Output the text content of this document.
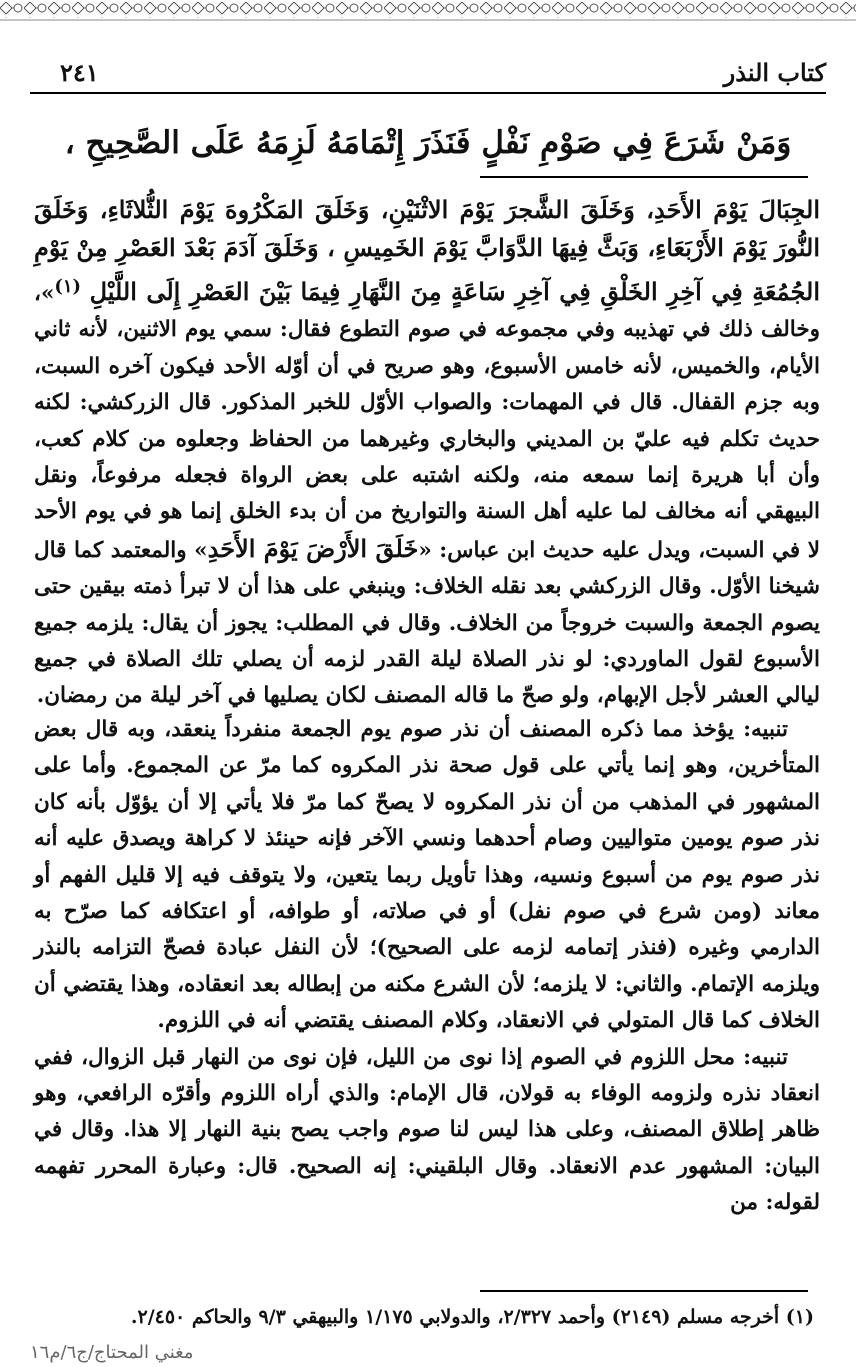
كتاب النذر
٢٤١
وَمَنْ شَرَعَ فِي صَوْمِ نَفْلٍ فَنَذَرَ إِتْمَامَهُ لَزِمَهُ عَلَى الصَّحِيحِ ،

الجِبَالَ يَوْمَ الأَحَدِ، وَخَلَقَ الشَّجرَ يَوْمَ الاثْنَيْنِ، وَخَلَقَ المَكْرُوهَ يَوْمَ الثُّلاثَاءِ، وَخَلَقَ النُّورَ يَوْمَ الأَرْبَعَاءِ، وَبَثَّ فِيهَا الدَّوَابَّ يَوْمَ الخَمِيسِ ، وَخَلَقَ آدَمَ بَعْدَ العَصْرِ مِنْ يَوْمِ الجُمُعَةِ فِي آخِرِ الخَلْقِ فِي آخِرِ سَاعَةٍ مِنَ النَّهَارِ فِيمَا بَيْنَ العَصْرِ إِلَى اللَّيْلِ $^{(١)}$»، وخالف ذلك في تهذيبه وفي مجموعه في صوم التطوع فقال: سمي يوم الاثنين، لأنه ثاني الأيام، والخميس، لأنه خامس الأسبوع، وهو صريح في أن أوّله الأحد فيكون آخره السبت، وبه جزم القفال. قال في المهمات: والصواب الأوّل للخبر المذكور. قال الزركشي: لكنه حديث تكلم فيه عليّ بن المديني والبخاري وغيرهما من الحفاظ وجعلوه من كلام كعب، وأن أبا هريرة إنما سمعه منه، ولكنه اشتبه على بعض الرواة فجعله مرفوعاً، ونقل البيهقي أنه مخالف لما عليه أهل السنة والتواريخ من أن بدء الخلق إنما هو في يوم الأحد لا في السبت، ويدل عليه حديث ابن عباس: «خَلَقَ الأَرْضَ يَوْمَ الأَحَدِ» والمعتمد كما قال شيخنا الأوّل. وقال الزركشي بعد نقله الخلاف: وينبغي على هذا أن لا تبرأ ذمته بيقين حتى يصوم الجمعة والسبت خروجاً من الخلاف. وقال في المطلب: يجوز أن يقال: يلزمه جميع الأسبوع لقول الماوردي: لو نذر الصلاة ليلة القدر لزمه أن يصلي تلك الصلاة في جميع ليالي العشر لأجل الإبهام، ولو صحّ ما قاله المصنف لكان يصليها في آخر ليلة من رمضان.

تنبيه: يؤخذ مما ذكره المصنف أن نذر صوم يوم الجمعة منفرداً ينعقد، وبه قال بعض المتأخرين، وهو إنما يأتي على قول صحة نذر المكروه كما مرّ عن المجموع. وأما على المشهور في المذهب من أن نذر المكروه لا يصحّ كما مرّ فلا يأتي إلا أن يؤوّل بأنه كان نذر صوم يومين متواليين وصام أحدهما ونسي الآخر فإنه حينئذ لا كراهة ويصدق عليه أنه نذر صوم يوم من أسبوع ونسيه، وهذا تأويل ربما يتعين، ولا يتوقف فيه إلا قليل الفهم أو معاند (ومن شرع في صوم نفل) أو في صلاته، أو طوافه، أو اعتكافه كما صرّح به الدارمي وغيره (فنذر إتمامه لزمه على الصحيح)؛ لأن النفل عبادة فصحّ التزامه بالنذر ويلزمه الإتمام. والثاني: لا يلزمه؛ لأن الشرع مكنه من إبطاله بعد انعقاده، وهذا يقتضي أن الخلاف كما قال المتولي في الانعقاد، وكلام المصنف يقتضي أنه في اللزوم.

تنبيه: محل اللزوم في الصوم إذا نوى من الليل، فإن نوى من النهار قبل الزوال، ففي انعقاد نذره ولزومه الوفاء به قولان، قال الإمام: والذي أراه اللزوم وأقرّه الرافعي، وهو ظاهر إطلاق المصنف، وعلى هذا ليس لنا صوم واجب يصح بنية النهار إلا هذا. وقال في البيان: المشهور عدم الانعقاد. وقال البلقيني: إنه الصحيح. قال: وعبارة المحرر تفهمه لقوله: من

(١) أخرجه مسلم (٢١٤٩) وأحمد ٢/٣٢٧، والدولابي ١/١٧٥ والبيهقي ٩/٣ والحاكم ٢/٤٥٠.
مغني المحتاج/ج٦/م١٦
